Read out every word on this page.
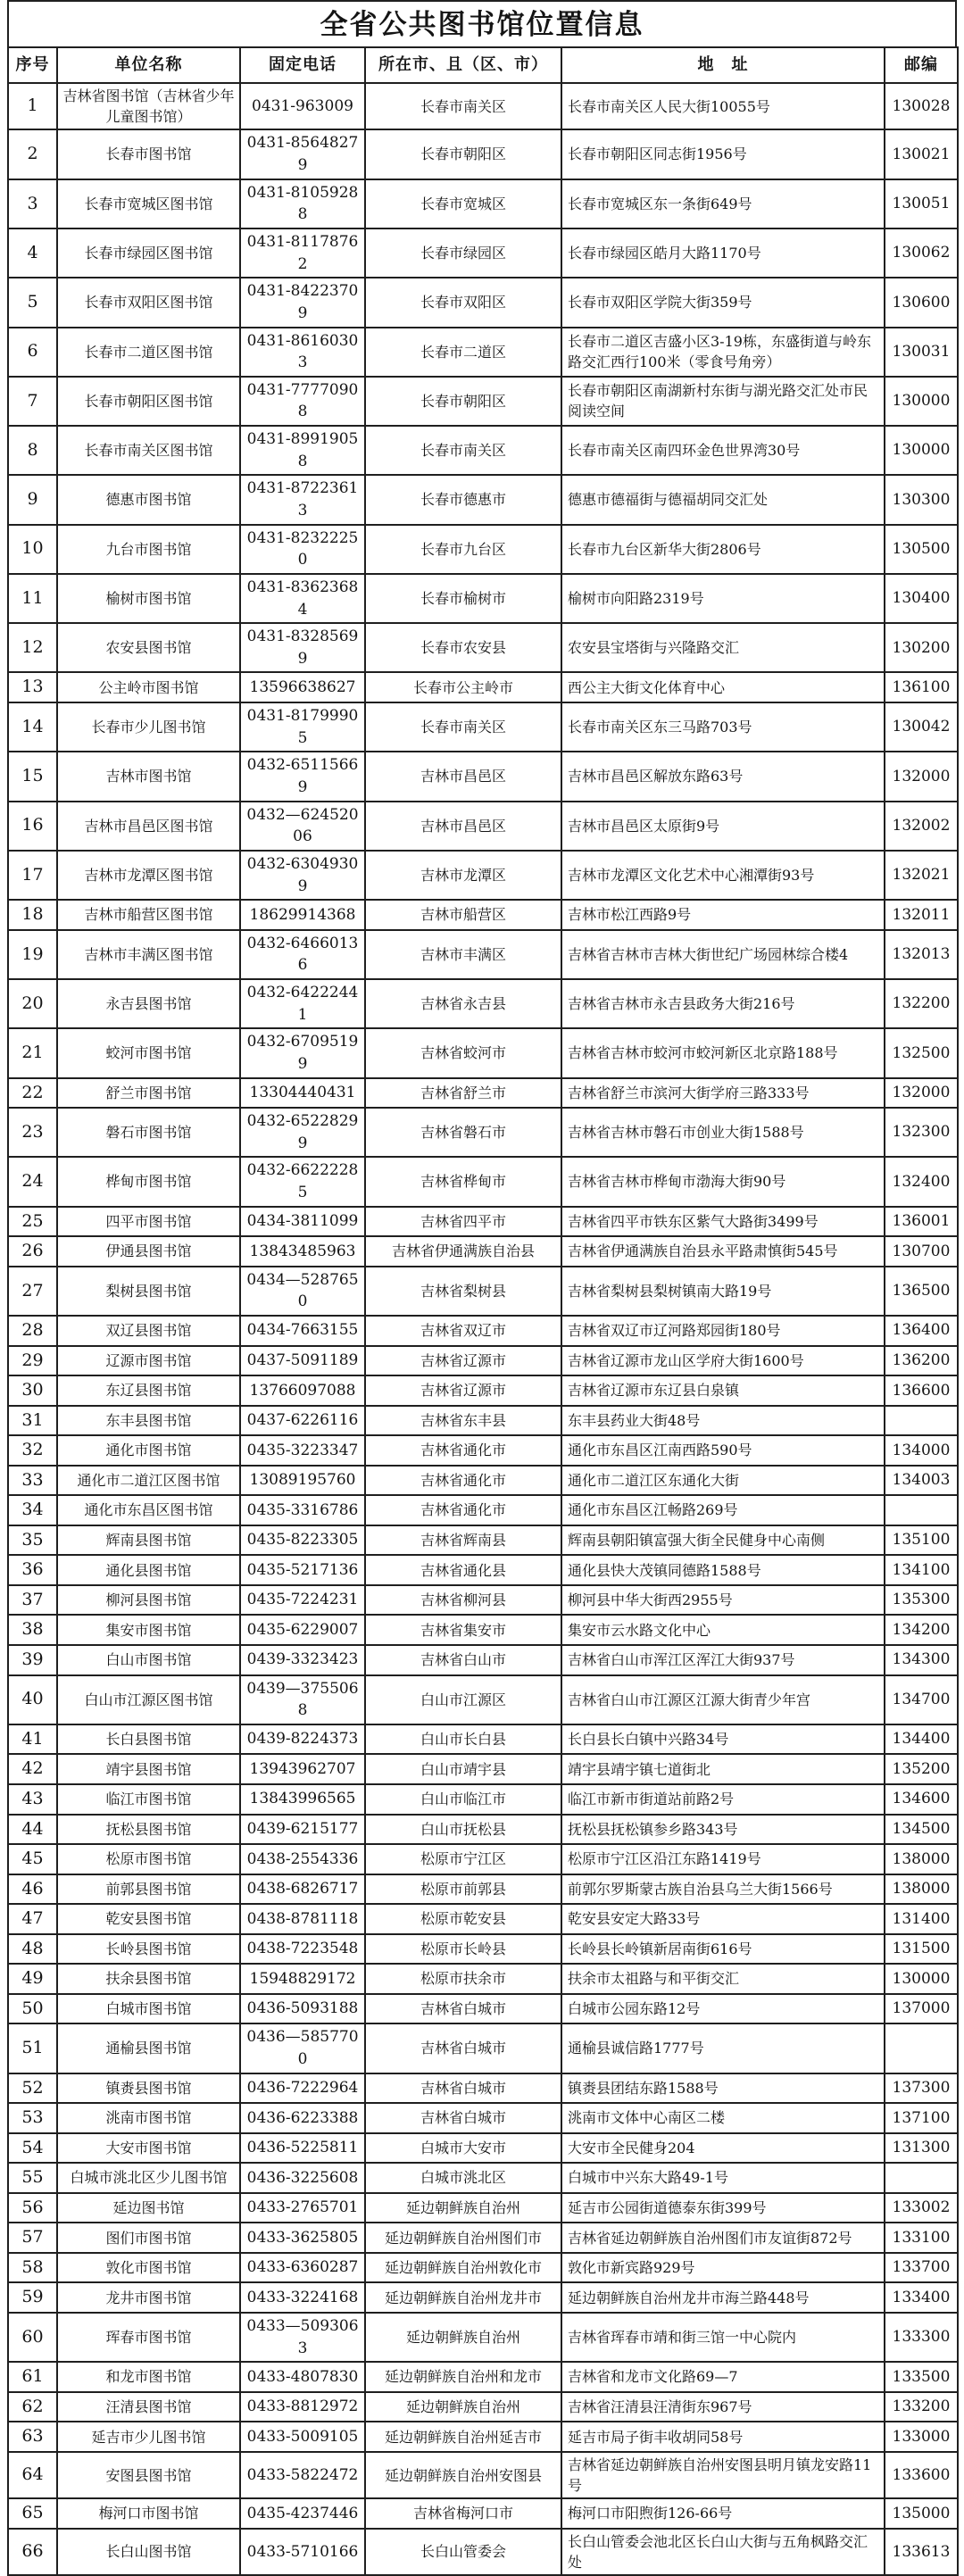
全省公共图书馆位置信息
序号	单位名称	固定电话	所在市、且（区、市）	地　址	邮编
1	吉林省图书馆（吉林省少年儿童图书馆）	0431-963009	长春市南关区	长春市南关区人民大街10055号	130028
2	长春市图书馆	0431-85648279	长春市朝阳区	长春市朝阳区同志街1956号	130021
3	长春市宽城区图书馆	0431-81059288	长春市宽城区	长春市宽城区东一条街649号	130051
4	长春市绿园区图书馆	0431-81178762	长春市绿园区	长春市绿园区皓月大路1170号	130062
5	长春市双阳区图书馆	0431-84223709	长春市双阳区	长春市双阳区学院大街359号	130600
6	长春市二道区图书馆	0431-86160303	长春市二道区	长春市二道区吉盛小区3-19栋，东盛街道与岭东路交汇西行100米（零食号角旁）	130031
7	长春市朝阳区图书馆	0431-77770908	长春市朝阳区	长春市朝阳区南湖新村东街与湖光路交汇处市民阅读空间	130000
8	长春市南关区图书馆	0431-89919058	长春市南关区	长春市南关区南四环金色世界湾30号	130000
9	德惠市图书馆	0431-87223613	长春市德惠市	德惠市德福街与德福胡同交汇处	130300
10	九台市图书馆	0431-82322250	长春市九台区	长春市九台区新华大街2806号	130500
11	榆树市图书馆	0431-83623684	长春市榆树市	榆树市向阳路2319号	130400
12	农安县图书馆	0431-83285699	长春市农安县	农安县宝塔街与兴隆路交汇	130200
13	公主岭市图书馆	13596638627	长春市公主岭市	西公主大街文化体育中心	136100
14	长春市少儿图书馆	0431-81799905	长春市南关区	长春市南关区东三马路703号	130042
15	吉林市图书馆	0432-65115669	吉林市昌邑区	吉林市昌邑区解放东路63号	132000
16	吉林市昌邑区图书馆	0432—62452006	吉林市昌邑区	吉林市昌邑区太原街9号	132002
17	吉林市龙潭区图书馆	0432-63049309	吉林市龙潭区	吉林市龙潭区文化艺术中心湘潭街93号	132021
18	吉林市船营区图书馆	18629914368	吉林市船营区	吉林市松江西路9号	132011
19	吉林市丰满区图书馆	0432-64660136	吉林市丰满区	吉林省吉林市吉林大街世纪广场园林综合楼4	132013
20	永吉县图书馆	0432-64222441	吉林省永吉县	吉林省吉林市永吉县政务大街216号	132200
21	蛟河市图书馆	0432-67095199	吉林省蛟河市	吉林省吉林市蛟河市蛟河新区北京路188号	132500
22	舒兰市图书馆	13304440431	吉林省舒兰市	吉林省舒兰市滨河大街学府三路333号	132000
23	磐石市图书馆	0432-65228299	吉林省磐石市	吉林省吉林市磐石市创业大街1588号	132300
24	桦甸市图书馆	0432-66222285	吉林省桦甸市	吉林省吉林市桦甸市渤海大街90号	132400
25	四平市图书馆	0434-3811099	吉林省四平市	吉林省四平市铁东区紫气大路街3499号	136001
26	伊通县图书馆	13843485963	吉林省伊通满族自治县	吉林省伊通满族自治县永平路肃慎街545号	130700
27	梨树县图书馆	0434—5287650	吉林省梨树县	吉林省梨树县梨树镇南大路19号	136500
28	双辽县图书馆	0434-7663155	吉林省双辽市	吉林省双辽市辽河路郑园街180号	136400
29	辽源市图书馆	0437-5091189	吉林省辽源市	吉林省辽源市龙山区学府大街1600号	136200
30	东辽县图书馆	13766097088	吉林省辽源市	吉林省辽源市东辽县白泉镇	136600
31	东丰县图书馆	0437-6226116	吉林省东丰县	东丰县药业大街48号	
32	通化市图书馆	0435-3223347	吉林省通化市	通化市东昌区江南西路590号	134000
33	通化市二道江区图书馆	13089195760	吉林省通化市	通化市二道江区东通化大街	134003
34	通化市东昌区图书馆	0435-3316786	吉林省通化市	通化市东昌区江畅路269号	
35	辉南县图书馆	0435-8223305	吉林省辉南县	辉南县朝阳镇富强大街全民健身中心南侧	135100
36	通化县图书馆	0435-5217136	吉林省通化县	通化县快大茂镇同德路1588号	134100
37	柳河县图书馆	0435-7224231	吉林省柳河县	柳河县中华大街西2955号	135300
38	集安市图书馆	0435-6229007	吉林省集安市	集安市云水路文化中心	134200
39	白山市图书馆	0439-3323423	吉林省白山市	吉林省白山市浑江区浑江大街937号	134300
40	白山市江源区图书馆	0439—3755068	白山市江源区	吉林省白山市江源区江源大街青少年宫	134700
41	长白县图书馆	0439-8224373	白山市长白县	长白县长白镇中兴路34号	134400
42	靖宇县图书馆	13943962707	白山市靖宇县	靖宇县靖宇镇七道街北	135200
43	临江市图书馆	13843996565	白山市临江市	临江市新市街道站前路2号	134600
44	抚松县图书馆	0439-6215177	白山市抚松县	抚松县抚松镇参乡路343号	134500
45	松原市图书馆	0438-2554336	松原市宁江区	松原市宁江区沿江东路1419号	138000
46	前郭县图书馆	0438-6826717	松原市前郭县	前郭尔罗斯蒙古族自治县乌兰大街1566号	138000
47	乾安县图书馆	0438-8781118	松原市乾安县	乾安县安定大路33号	131400
48	长岭县图书馆	0438-7223548	松原市长岭县	长岭县长岭镇新居南街616号	131500
49	扶余县图书馆	15948829172	松原市扶余市	扶余市太祖路与和平街交汇	130000
50	白城市图书馆	0436-5093188	吉林省白城市	白城市公园东路12号	137000
51	通榆县图书馆	0436—5857700	吉林省白城市	通榆县诚信路1777号	
52	镇赉县图书馆	0436-7222964	吉林省白城市	镇赉县团结东路1588号	137300
53	洮南市图书馆	0436-6223388	吉林省白城市	洮南市文体中心南区二楼	137100
54	大安市图书馆	0436-5225811	白城市大安市	大安市全民健身204	131300
55	白城市洮北区少儿图书馆	0436-3225608	白城市洮北区	白城市中兴东大路49-1号	
56	延边图书馆	0433-2765701	延边朝鲜族自治州	延吉市公园街道德泰东街399号	133002
57	图们市图书馆	0433-3625805	延边朝鲜族自治州图们市	吉林省延边朝鲜族自治州图们市友谊街872号	133100
58	敦化市图书馆	0433-6360287	延边朝鲜族自治州敦化市	敦化市新宾路929号	133700
59	龙井市图书馆	0433-3224168	延边朝鲜族自治州龙井市	延边朝鲜族自治州龙井市海兰路448号	133400
60	珲春市图书馆	0433—5093063	延边朝鲜族自治州	吉林省珲春市靖和街三馆一中心院内	133300
61	和龙市图书馆	0433-4807830	延边朝鲜族自治州和龙市	吉林省和龙市文化路69—7	133500
62	汪清县图书馆	0433-8812972	延边朝鲜族自治州	吉林省汪清县汪清街东967号	133200
63	延吉市少儿图书馆	0433-5009105	延边朝鲜族自治州延吉市	延吉市局子街丰收胡同58号	133000
64	安图县图书馆	0433-5822472	延边朝鲜族自治州安图县	吉林省延边朝鲜族自治州安图县明月镇龙安路11号	133600
65	梅河口市图书馆	0435-4237446	吉林省梅河口市	梅河口市阳煦街126-66号	135000
66	长白山图书馆	0433-5710166	长白山管委会	长白山管委会池北区长白山大街与五角枫路交汇处	133613
